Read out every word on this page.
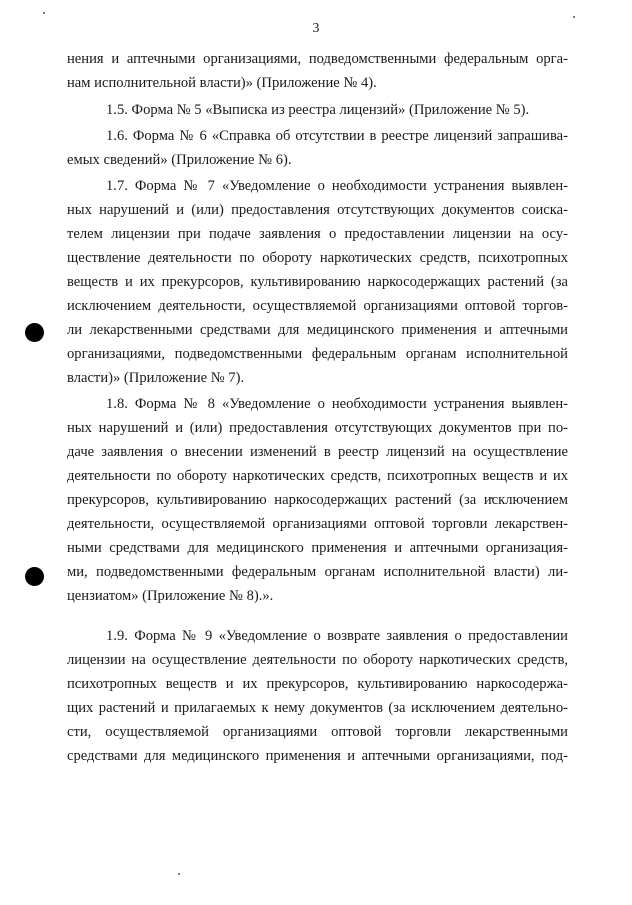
3
нения и аптечными организациями, подведомственными федеральным орга-
нам исполнительной власти)» (Приложение № 4).
1.5. Форма № 5 «Выписка из реестра лицензий» (Приложение № 5).
1.6. Форма № 6 «Справка об отсутствии в реестре лицензий запрашива-
емых сведений» (Приложение № 6).
1.7. Форма № 7 «Уведомление о необходимости устранения выявлен-
ных нарушений и (или) предоставления отсутствующих документов соиска-
телем лицензии при подаче заявления о предоставлении лицензии на осу-
ществление деятельности по обороту наркотических средств, психотропных
веществ и их прекурсоров, культивированию наркосодержащих растений (за
исключением деятельности, осуществляемой организациями оптовой торгов-
ли лекарственными средствами для медицинского применения и аптечными
организациями, подведомственными федеральным органам исполнительной
власти)» (Приложение № 7).
1.8. Форма № 8 «Уведомление о необходимости устранения выявлен-
ных нарушений и (или) предоставления отсутствующих документов при по-
даче заявления о внесении изменений в реестр лицензий на осуществление
деятельности по обороту наркотических средств, психотропных веществ и их
прекурсоров, культивированию наркосодержащих растений (за исключением
деятельности, осуществляемой организациями оптовой торговли лекарствен-
ными средствами для медицинского применения и аптечными организация-
ми, подведомственными федеральным органам исполнительной власти) ли-
цензиатом» (Приложение № 8).».
1.9. Форма № 9 «Уведомление о возврате заявления о предоставлении
лицензии на осуществление деятельности по обороту наркотических средств,
психотропных веществ и их прекурсоров, культивированию наркосодержа-
щих растений и прилагаемых к нему документов (за исключением деятельно-
сти, осуществляемой организациями оптовой торговли лекарственными
средствами для медицинского применения и аптечными организациями, под-
